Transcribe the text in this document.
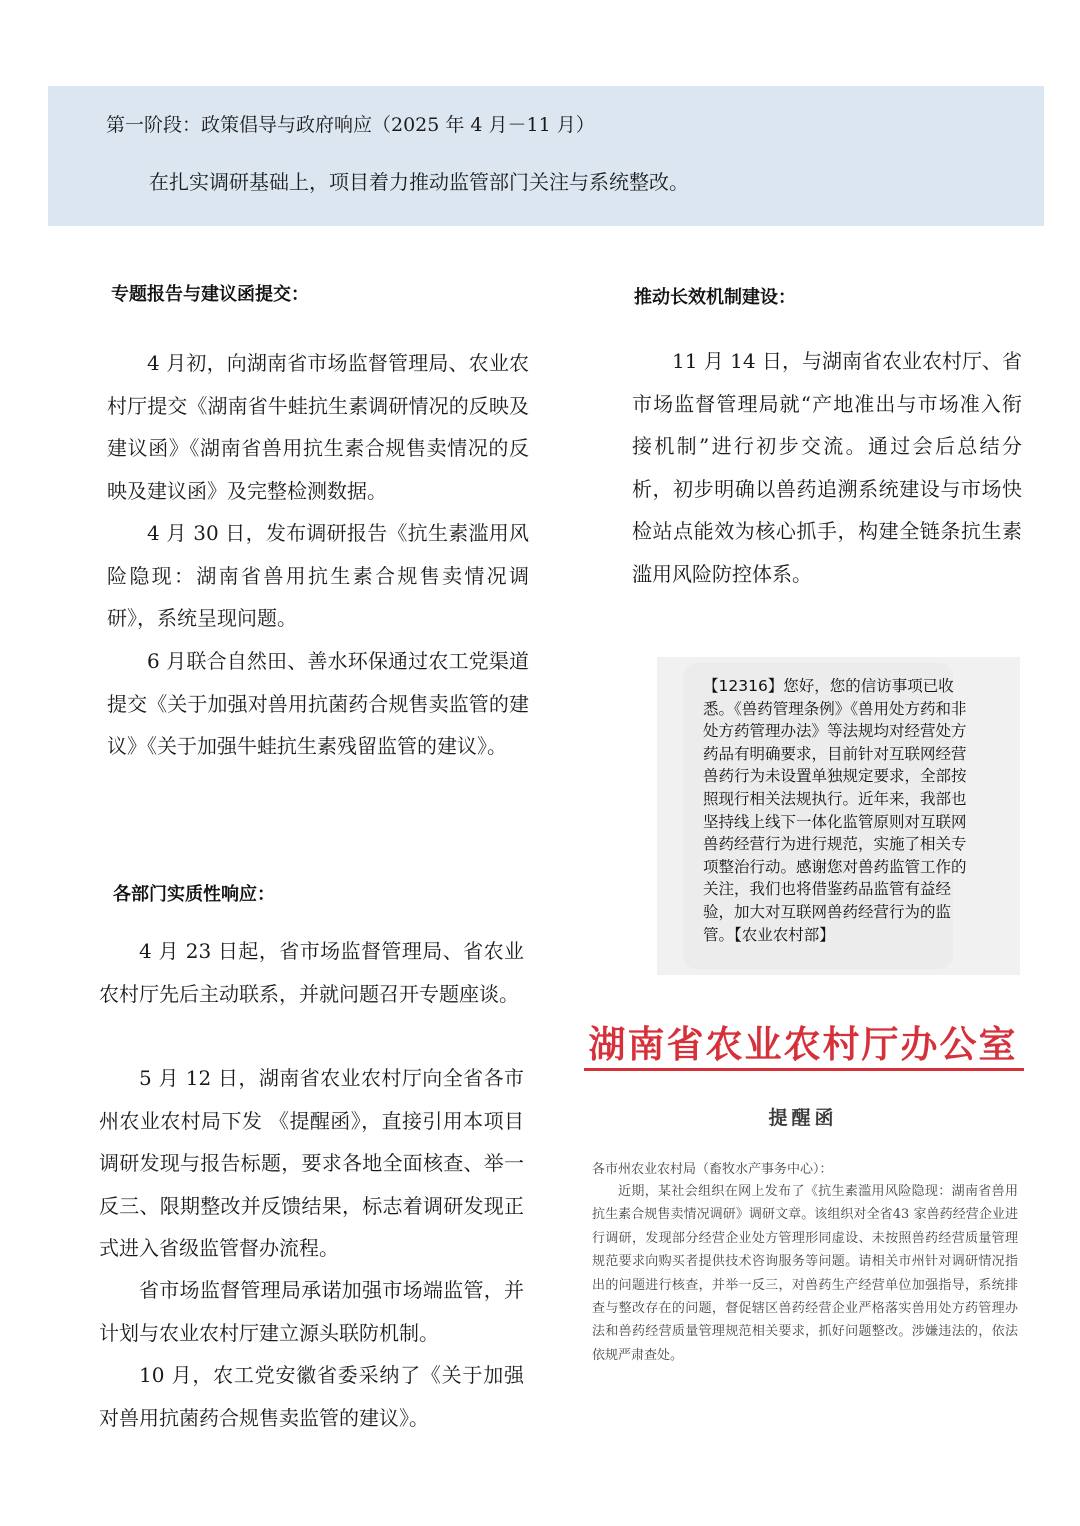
第一阶段：政策倡导与政府响应（2025 年 4 月－11 月）
在扎实调研基础上，项目着力推动监管部门关注与系统整改。
专题报告与建议函提交：

4 月初，向湖南省市场监督管理局、农业农村厅提交《湖南省牛蛙抗生素调研情况的反映及建议函》《湖南省兽用抗生素合规售卖情况的反映及建议函》及完整检测数据。

4 月 30 日，发布调研报告《抗生素滥用风险隐现：湖南省兽用抗生素合规售卖情况调研》，系统呈现问题。

6 月联合自然田、善水环保通过农工党渠道提交《关于加强对兽用抗菌药合规售卖监管的建议》《关于加强牛蛙抗生素残留监管的建议》。

各部门实质性响应：

4 月 23 日起，省市场监督管理局、省农业农村厅先后主动联系，并就问题召开专题座谈。

5 月 12 日，湖南省农业农村厅向全省各市州农业农村局下发 《提醒函》，直接引用本项目调研发现与报告标题，要求各地全面核查、举一反三、限期整改并反馈结果，标志着调研发现正式进入省级监管督办流程。

省市场监督管理局承诺加强市场端监管，并计划与农业农村厅建立源头联防机制。

10 月，农工党安徽省委采纳了《关于加强对兽用抗菌药合规售卖监管的建议》。

推动长效机制建设：

11 月 14 日，与湖南省农业农村厅、省市场监督管理局就“产地准出与市场准入衔接机制”进行初步交流。通过会后总结分析，初步明确以兽药追溯系统建设与市场快检站点能效为核心抓手，构建全链条抗生素滥用风险防控体系。

【12316】您好，您的信访事项已收悉。《兽药管理条例》《兽用处方药和非处方药管理办法》等法规均对经营处方药品有明确要求，目前针对互联网经营兽药行为未设置单独规定要求，全部按照现行相关法规执行。近年来，我部也坚持线上线下一体化监管原则对互联网兽药经营行为进行规范，实施了相关专项整治行动。感谢您对兽药监管工作的关注，我们也将借鉴药品监管有益经验，加大对互联网兽药经营行为的监管。【农业农村部】

湖南省农业农村厅办公室
提醒函
各市州农业农村局（畜牧水产事务中心）：

近期，某社会组织在网上发布了《抗生素滥用风险隐现：湖南省兽用抗生素合规售卖情况调研》调研文章。该组织对全省43 家兽药经营企业进行调研，发现部分经营企业处方管理形同虚设、未按照兽药经营质量管理规范要求向购买者提供技术咨询服务等问题。请相关市州针对调研情况指出的问题进行核查，并举一反三，对兽药生产经营单位加强指导，系统排查与整改存在的问题，督促辖区兽药经营企业严格落实兽用处方药管理办法和兽药经营质量管理规范相关要求，抓好问题整改。涉嫌违法的，依法依规严肃查处。
